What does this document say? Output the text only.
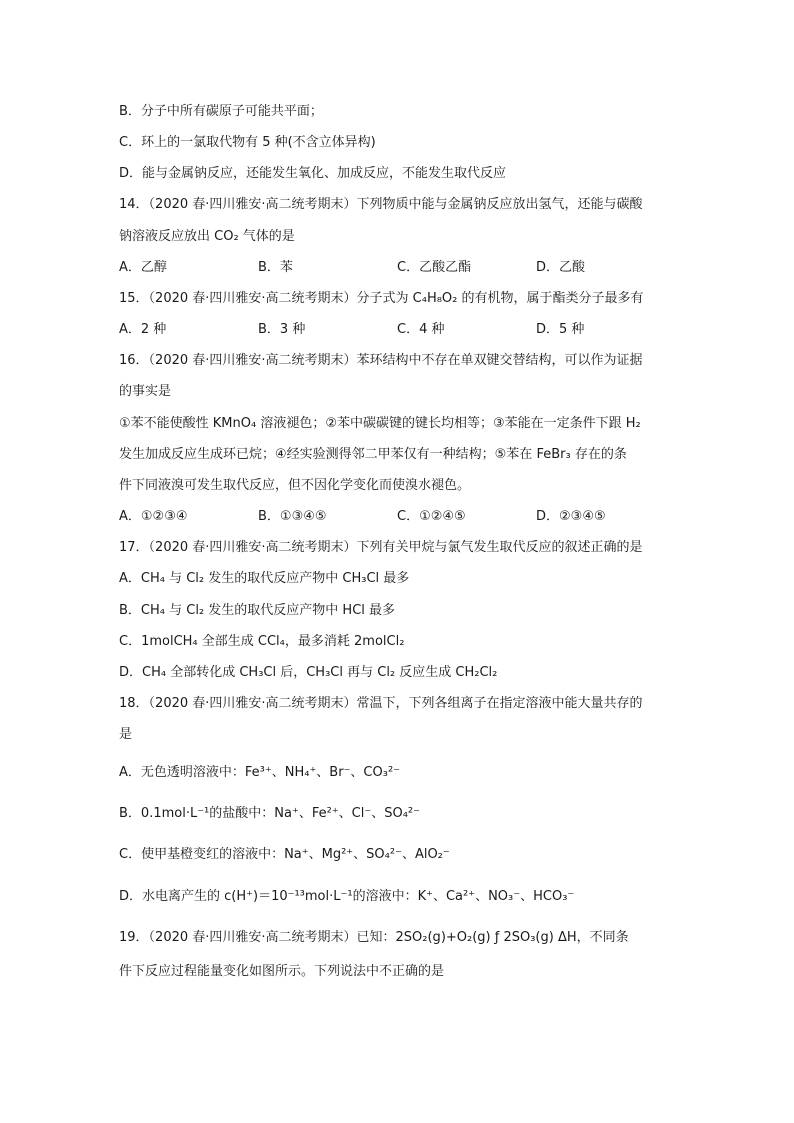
B．分子中所有碳原子可能共平面；
C．环上的一氯取代物有 5 种(不含立体异构)
D．能与金属钠反应，还能发生氧化、加成反应，不能发生取代反应
14．（2020 春·四川雅安·高二统考期末）下列物质中能与金属钠反应放出氢气，还能与碳酸
钠溶液反应放出 CO₂ 气体的是
A．乙醇	B．苯	C．乙酸乙酯	D．乙酸
15．（2020 春·四川雅安·高二统考期末）分子式为 C₄H₈O₂ 的有机物，属于酯类分子最多有
A．2 种	B．3 种	C．4 种	D．5 种
16．（2020 春·四川雅安·高二统考期末）苯环结构中不存在单双键交替结构，可以作为证据
的事实是
①苯不能使酸性 KMnO₄ 溶液褪色；②苯中碳碳键的键长均相等；③苯能在一定条件下跟 H₂
发生加成反应生成环已烷；④经实验测得邻二甲苯仅有一种结构；⑤苯在 FeBr₃ 存在的条
件下同液溴可发生取代反应，但不因化学变化而使溴水褪色。
A．①②③④	B．①③④⑤	C．①②④⑤	D．②③④⑤
17．（2020 春·四川雅安·高二统考期末）下列有关甲烷与氯气发生取代反应的叙述正确的是
A．CH₄ 与 Cl₂ 发生的取代反应产物中 CH₃Cl 最多
B．CH₄ 与 Cl₂ 发生的取代反应产物中 HCl 最多
C．1molCH₄ 全部生成 CCl₄，最多消耗 2molCl₂
D．CH₄ 全部转化成 CH₃Cl 后，CH₃Cl 再与 Cl₂ 反应生成 CH₂Cl₂
18．（2020 春·四川雅安·高二统考期末）常温下，下列各组离子在指定溶液中能大量共存的
是
A．无色透明溶液中：Fe³⁺、NH₄⁺、Br⁻、CO₃²⁻
B．0.1mol·L⁻¹的盐酸中：Na⁺、Fe²⁺、Cl⁻、SO₄²⁻
C．使甲基橙变红的溶液中：Na⁺、Mg²⁺、SO₄²⁻、AlO₂⁻
D．水电离产生的 c(H⁺)＝10⁻¹³mol·L⁻¹的溶液中：K⁺、Ca²⁺、NO₃⁻、HCO₃⁻
19．（2020 春·四川雅安·高二统考期末）已知：2SO₂(g)+O₂(g) ƒ 2SO₃(g) ΔH，不同条
件下反应过程能量变化如图所示。下列说法中不正确的是
